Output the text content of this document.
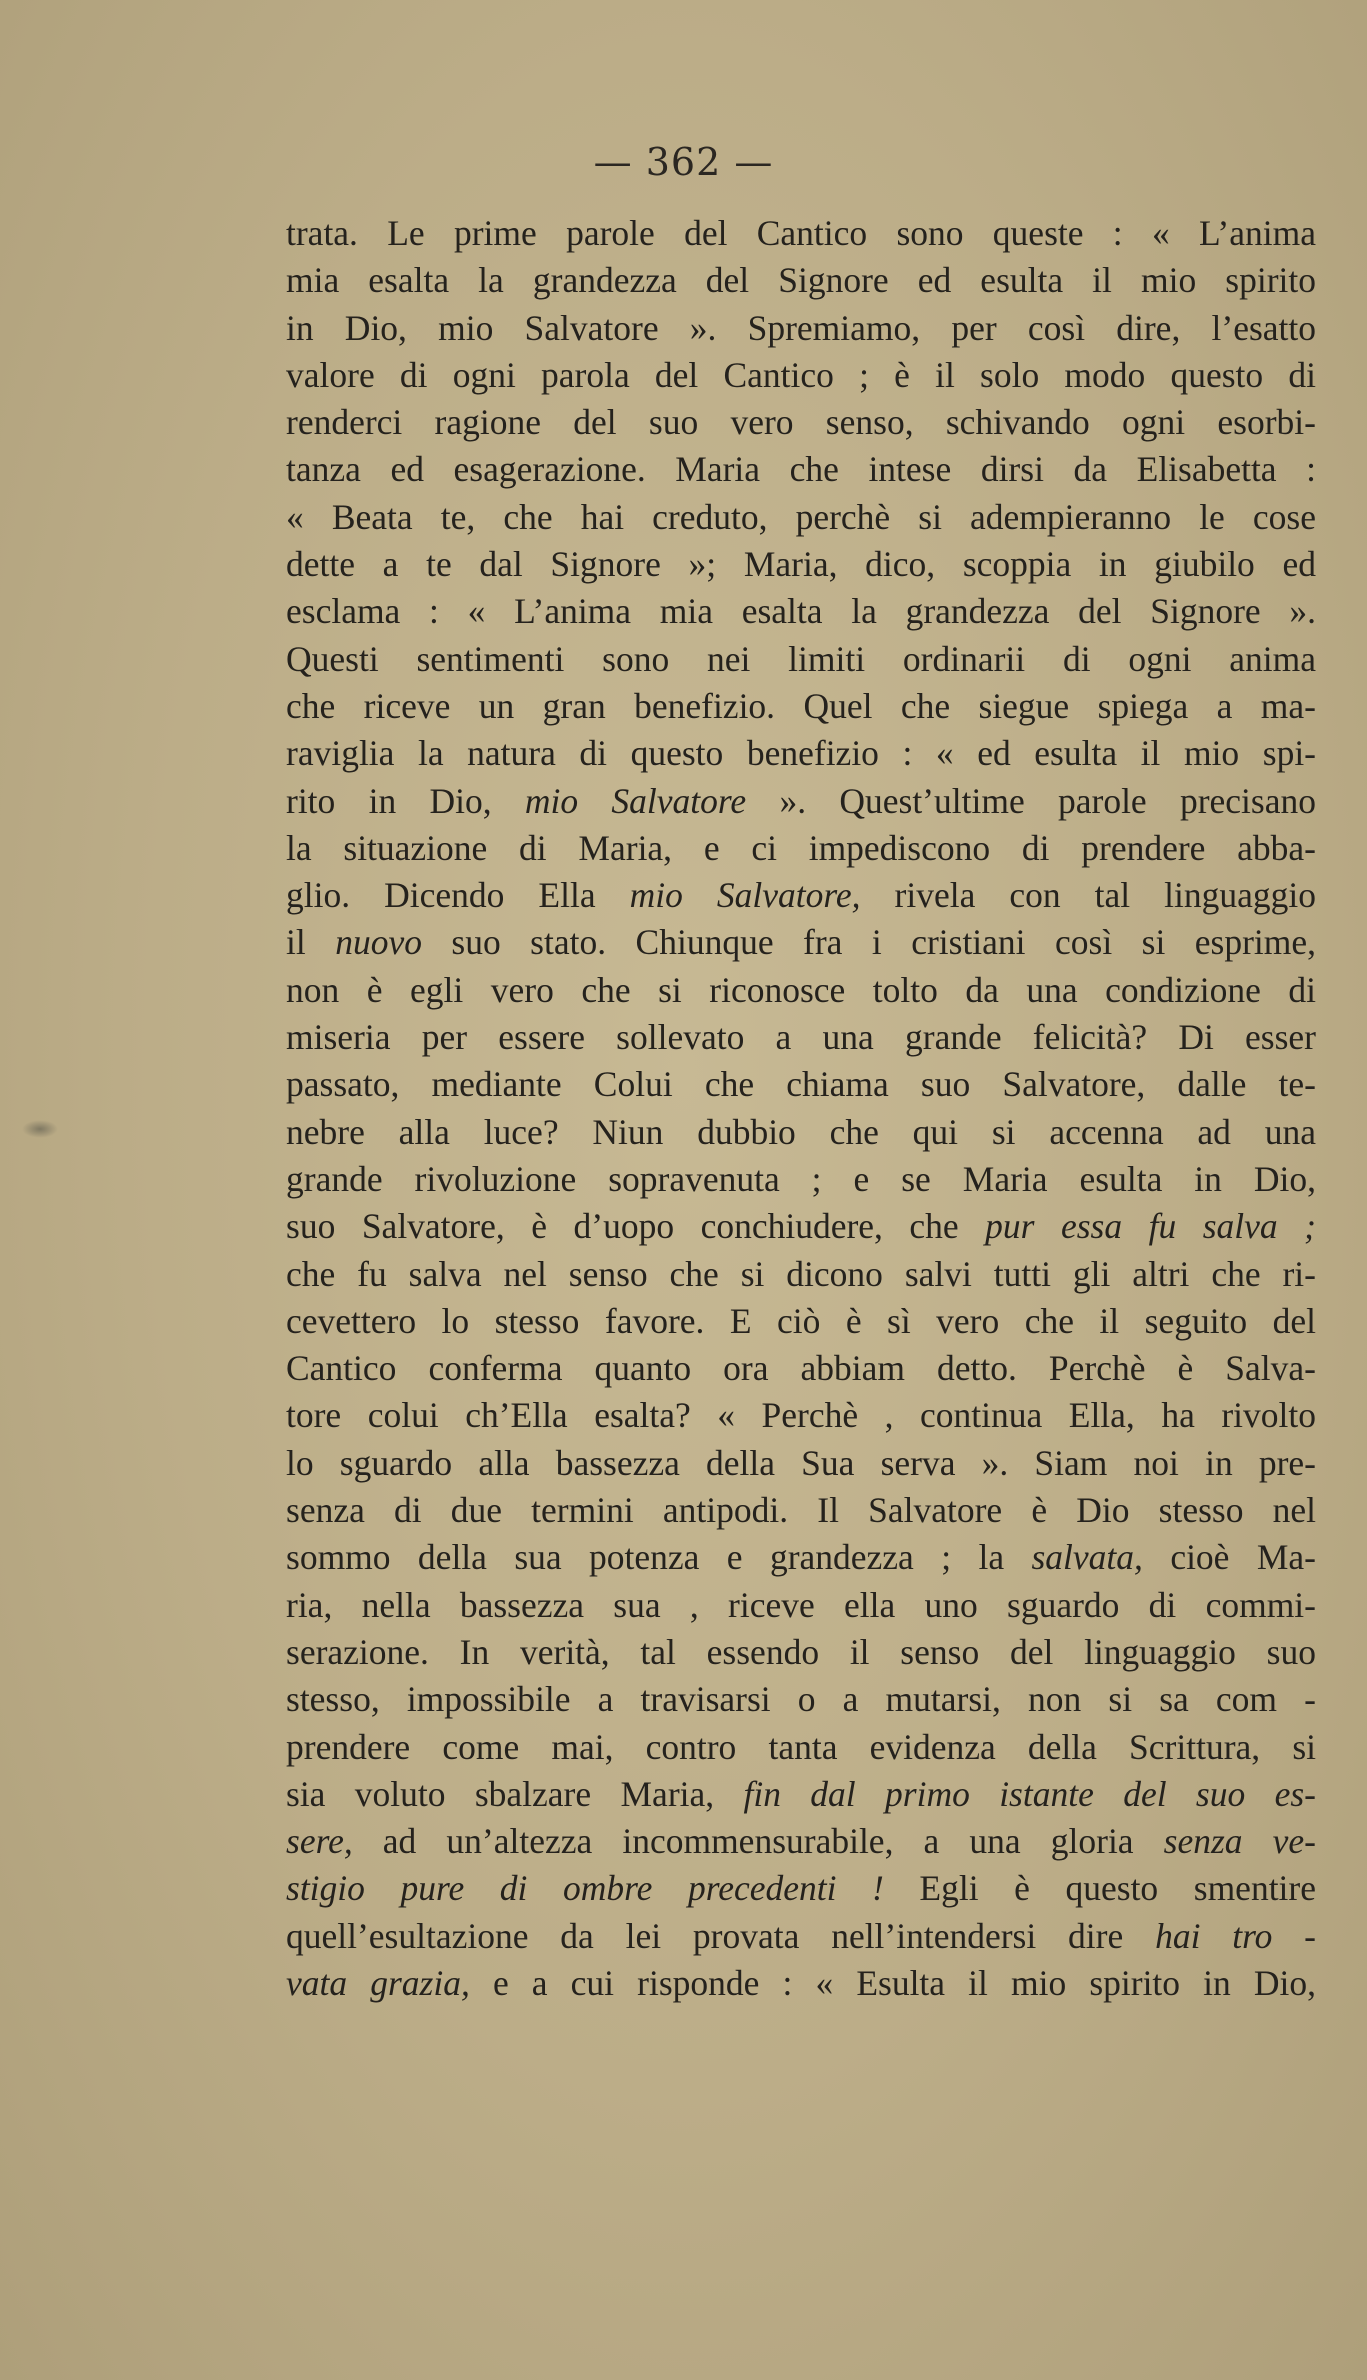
— 362 —
trata. Le prime parole del Cantico sono queste : « L’anima
mia esalta la grandezza del Signore ed esulta il mio spirito
in Dio, mio Salvatore ». Spremiamo, per così dire, l’esatto
valore di ogni parola del Cantico ; è il solo modo questo di
renderci ragione del suo vero senso, schivando ogni esorbi-
tanza ed esagerazione. Maria che intese dirsi da Elisabetta :
« Beata te, che hai creduto, perchè si adempieranno le cose
dette a te dal Signore »; Maria, dico, scoppia in giubilo ed
esclama : « L’anima mia esalta la grandezza del Signore ».
Questi sentimenti sono nei limiti ordinarii di ogni anima
che riceve un gran benefizio. Quel che siegue spiega a ma-
raviglia la natura di questo benefizio : « ed esulta il mio spi-
rito in Dio, mio Salvatore ». Quest’ultime parole precisano
la situazione di Maria, e ci impediscono di prendere abba-
glio. Dicendo Ella mio Salvatore, rivela con tal linguaggio
il nuovo suo stato. Chiunque fra i cristiani così si esprime,
non è egli vero che si riconosce tolto da una condizione di
miseria per essere sollevato a una grande felicità? Di esser
passato, mediante Colui che chiama suo Salvatore, dalle te-
nebre alla luce? Niun dubbio che qui si accenna ad una
grande rivoluzione sopravenuta ; e se Maria esulta in Dio,
suo Salvatore, è d’uopo conchiudere, che pur essa fu salva ;
che fu salva nel senso che si dicono salvi tutti gli altri che ri-
cevettero lo stesso favore. E ciò è sì vero che il seguito del
Cantico conferma quanto ora abbiam detto. Perchè è Salva-
tore colui ch’Ella esalta? « Perchè , continua Ella, ha rivolto
lo sguardo alla bassezza della Sua serva ». Siam noi in pre-
senza di due termini antipodi. Il Salvatore è Dio stesso nel
sommo della sua potenza e grandezza ; la salvata, cioè Ma-
ria, nella bassezza sua , riceve ella uno sguardo di commi-
serazione. In verità, tal essendo il senso del linguaggio suo
stesso, impossibile a travisarsi o a mutarsi, non si sa com -
prendere come mai, contro tanta evidenza della Scrittura, si
sia voluto sbalzare Maria, fin dal primo istante del suo es-
sere, ad un’altezza incommensurabile, a una gloria senza ve-
stigio pure di ombre precedenti ! Egli è questo smentire
quell’esultazione da lei provata nell’intendersi dire hai tro -
vata grazia, e a cui risponde : « Esulta il mio spirito in Dio,
